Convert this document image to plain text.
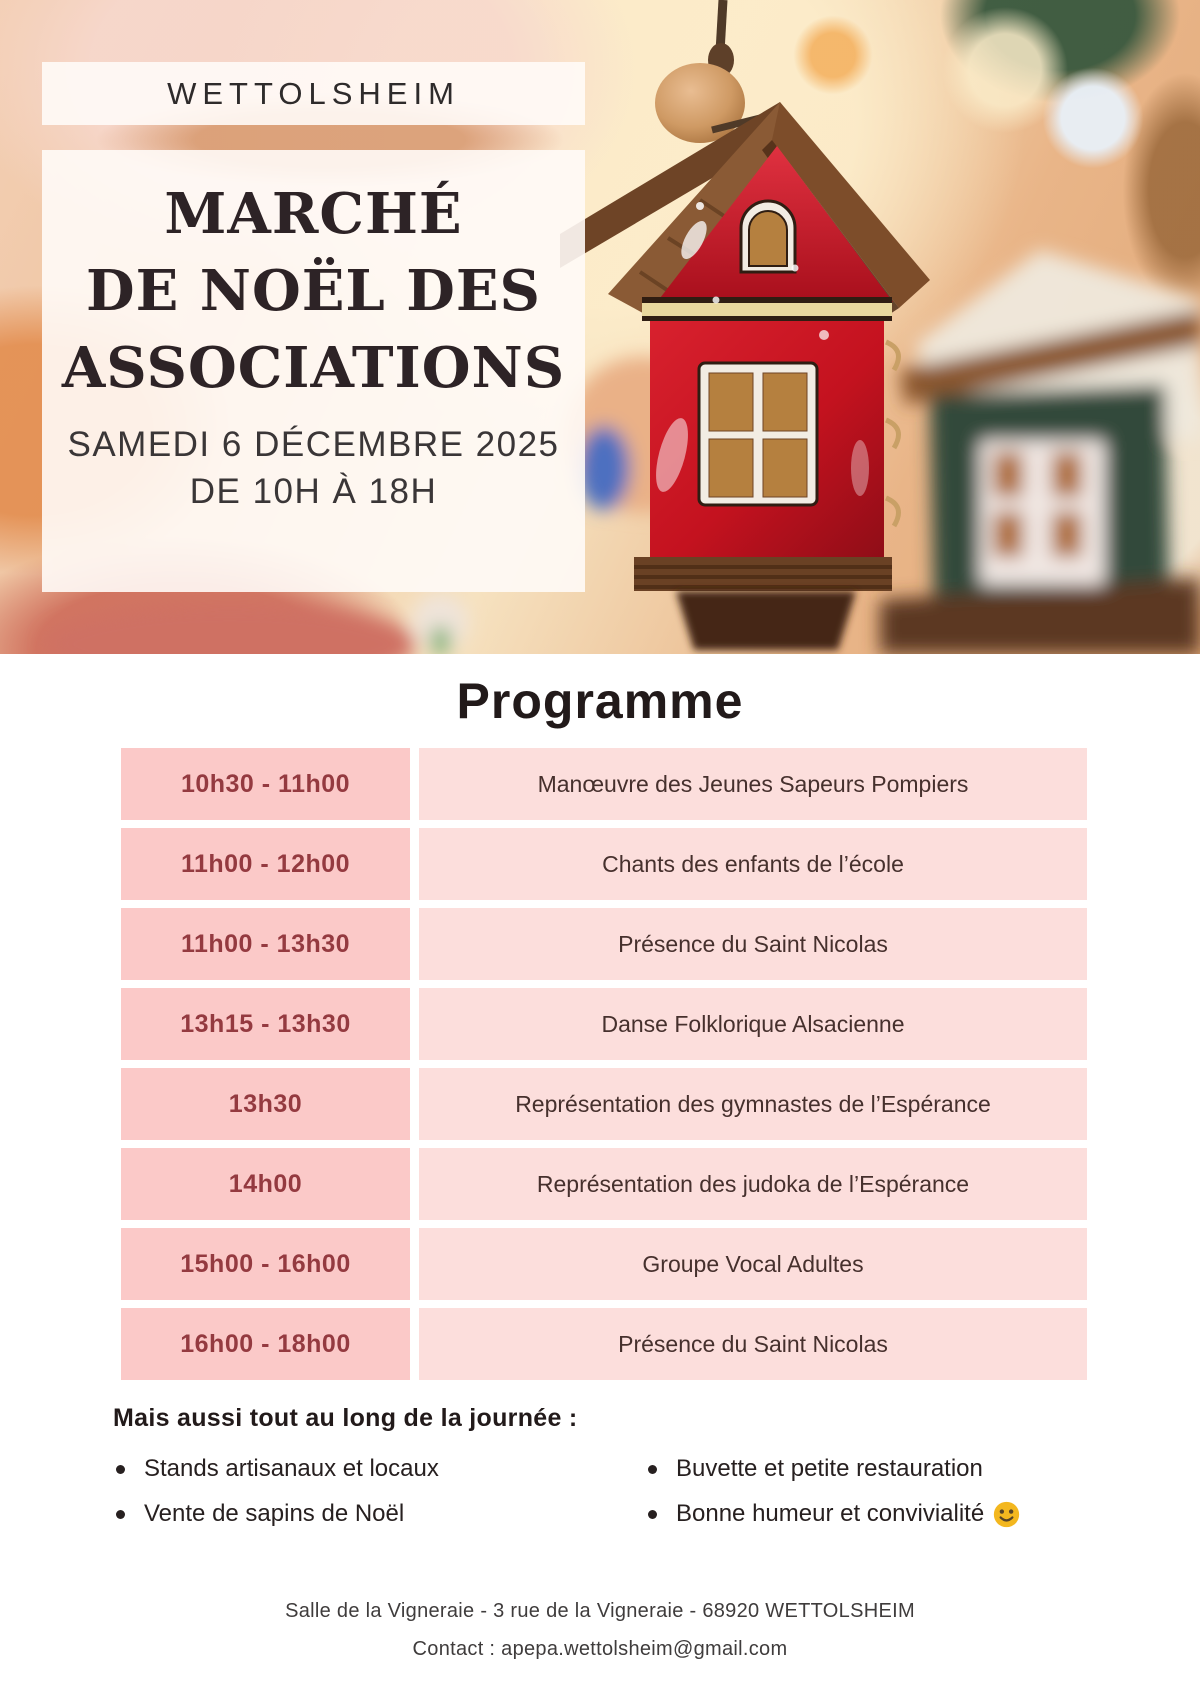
WETTOLSHEIM
MARCHÉ
DE NOËL DES
ASSOCIATIONS
SAMEDI 6 DÉCEMBRE 2025
DE 10H À 18H
Programme
10h30 - 11h00	Manœuvre des Jeunes Sapeurs Pompiers
11h00 - 12h00	Chants des enfants de l’école
11h00 - 13h30	Présence du Saint Nicolas
13h15 - 13h30	Danse Folklorique Alsacienne
13h30	Représentation des gymnastes de l’Espérance
14h00	Représentation des judoka de l’Espérance
15h00 - 16h00	Groupe Vocal Adultes
16h00 - 18h00	Présence du Saint Nicolas
Mais aussi tout au long de la journée :
Stands artisanaux et locaux	Buvette et petite restauration
Vente de sapins de Noël	Bonne humeur et convivialité
Salle de la Vigneraie - 3 rue de la Vigneraie - 68920 WETTOLSHEIM
Contact : apepa.wettolsheim@gmail.com
